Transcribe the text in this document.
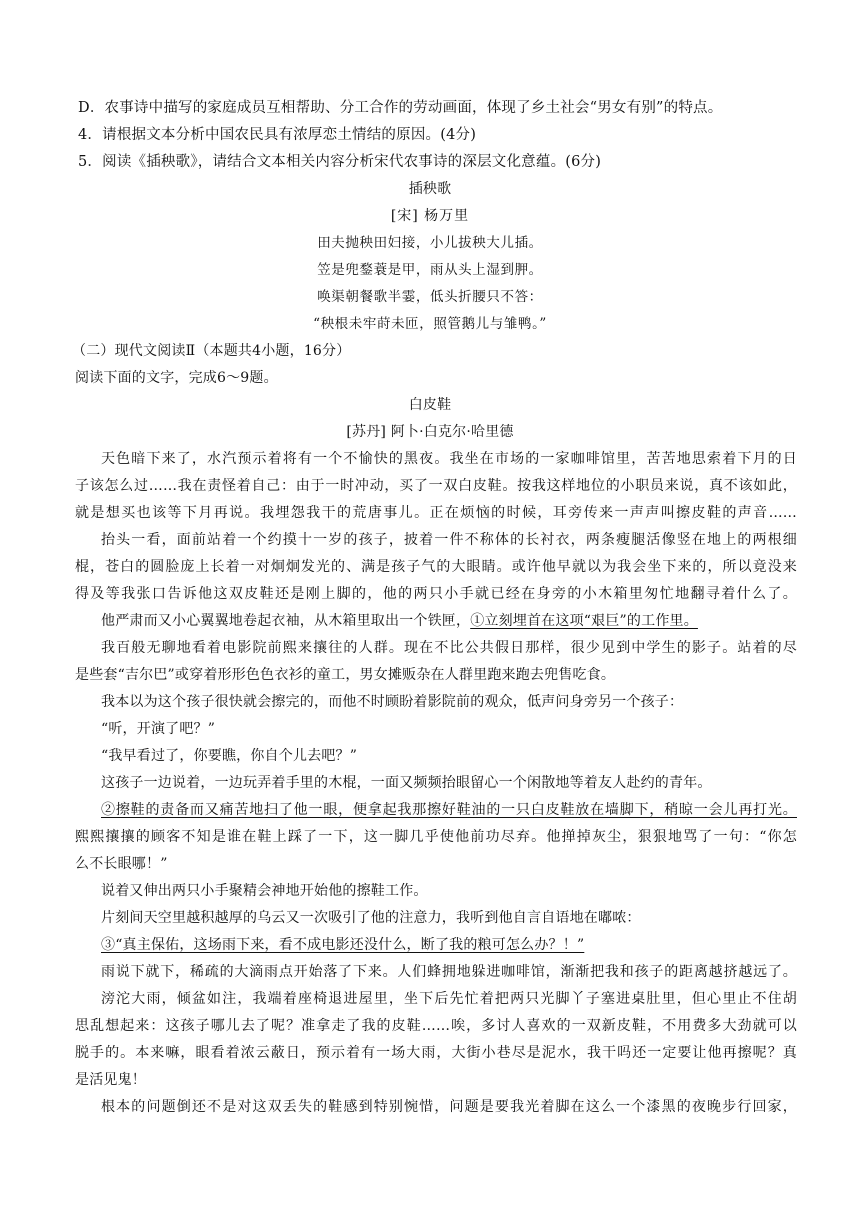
D．农事诗中描写的家庭成员互相帮助、分工合作的劳动画面，体现了乡土社会“男女有别”的特点。
4．请根据文本分析中国农民具有浓厚恋土情结的原因。(4分)
5．阅读《插秧歌》，请结合文本相关内容分析宋代农事诗的深层文化意蕴。(6分)
插秧歌
[宋] 杨万里
田夫抛秧田妇接，小儿拔秧大儿插。
笠是兜鍪蓑是甲，雨从头上湿到胛。
唤渠朝餐歌半霎，低头折腰只不答：
“秧根未牢莳未匝，照管鹅儿与雏鸭。”
（二）现代文阅读Ⅱ（本题共4小题，16分）
阅读下面的文字，完成6～9题。
白皮鞋
[苏丹] 阿卜·白克尔·哈里德
天色暗下来了，水汽预示着将有一个不愉快的黑夜。我坐在市场的一家咖啡馆里，苦苦地思索着下月的日
子该怎么过……我在责怪着自己：由于一时冲动，买了一双白皮鞋。按我这样地位的小职员来说，真不该如此，
就是想买也该等下月再说。我埋怨我干的荒唐事儿。正在烦恼的时候，耳旁传来一声声叫擦皮鞋的声音……
抬头一看，面前站着一个约摸十一岁的孩子，披着一件不称体的长衬衣，两条瘦腿活像竖在地上的两根细
棍，苍白的圆脸庞上长着一对炯炯发光的、满是孩子气的大眼睛。或许他早就以为我会坐下来的，所以竟没来
得及等我张口告诉他这双皮鞋还是刚上脚的，他的两只小手就已经在身旁的小木箱里匆忙地翻寻着什么了。
他严肃而又小心翼翼地卷起衣袖，从木箱里取出一个铁匣，①立刻埋首在这项“艰巨”的工作里。
我百般无聊地看着电影院前熙来攘往的人群。现在不比公共假日那样，很少见到中学生的影子。站着的尽
是些套“吉尔巴”或穿着形形色色衣衫的童工，男女摊贩杂在人群里跑来跑去兜售吃食。
我本以为这个孩子很快就会擦完的，而他不时顾盼着影院前的观众，低声问身旁另一个孩子：
“听，开演了吧？”
“我早看过了，你要瞧，你自个儿去吧？”
这孩子一边说着，一边玩弄着手里的木棍，一面又频频抬眼留心一个闲散地等着友人赴约的青年。
②擦鞋的责备而又痛苦地扫了他一眼，便拿起我那擦好鞋油的一只白皮鞋放在墙脚下，稍晾一会儿再打光。
熙熙攘攘的顾客不知是谁在鞋上踩了一下，这一脚几乎使他前功尽弃。他掸掉灰尘，狠狠地骂了一句：“你怎
么不长眼哪！”
说着又伸出两只小手聚精会神地开始他的擦鞋工作。
片刻间天空里越积越厚的乌云又一次吸引了他的注意力，我听到他自言自语地在嘟哝：
③“真主保佑，这场雨下来，看不成电影还没什么，断了我的粮可怎么办？！”
雨说下就下，稀疏的大滴雨点开始落了下来。人们蜂拥地躲进咖啡馆，渐渐把我和孩子的距离越挤越远了。
滂沱大雨，倾盆如注，我端着座椅退进屋里，坐下后先忙着把两只光脚丫子塞进桌肚里，但心里止不住胡
思乱想起来：这孩子哪儿去了呢？准拿走了我的皮鞋……唉，多讨人喜欢的一双新皮鞋，不用费多大劲就可以
脱手的。本来嘛，眼看着浓云蔽日，预示着有一场大雨，大街小巷尽是泥水，我干吗还一定要让他再擦呢？真
是活见鬼！
根本的问题倒还不是对这双丢失的鞋感到特别惋惜，问题是要我光着脚在这么一个漆黑的夜晚步行回家，
